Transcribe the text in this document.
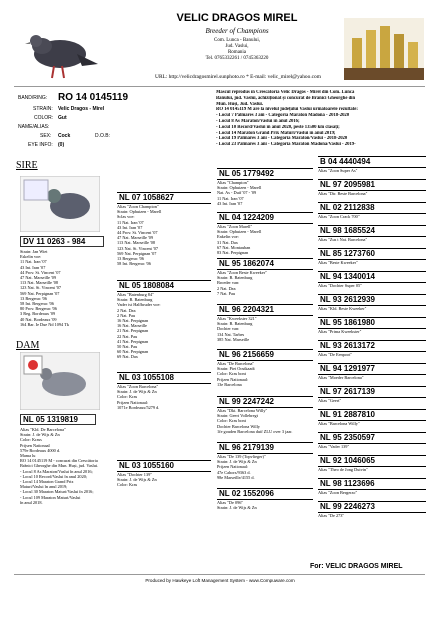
VELIC DRAGOS MIREL
Breeder of Champions
Com. Lunca - Banului,
Jud. Vaslui,
Romania
Tel. 0765332261 / 0745363220
URL: http://velicdragosmirel.sunphoto.ro * E-mail: velic_mirel@yahoo.com
BAND/RING: RO 14 0145119
STRAIN: Velic Dragos - Mirel
COLOR: Gut
NAME/ALIAS:
SEX: Cock	D.O.B:
EYE INFO: (0)
Mascul reprodus în Crescătoria Velic Dragos - Mirel din Com. Lunca
Banului, jud. Vaslui, achiziționat și concurat de Brânici Gheorghe din
Mun. Huși, Jud. Vaslui.
RO 14 0145119 M are la nivelul județului Vaslui următoarele rezultate:
- Locul 7 Palmares 3 ani - Categoria Maraton Madona - 2018-2020
- Locul 8 As Maraton/Vaslui în anul 2016;
- Locul 10 Record/Vaslui în anul 2020, peste 13500 km clasați;
- Locul 14 Maraton Grand Prix Maturi/Vaslui în anul 2019;
- Locul 19 Palmares 3 ani - Categoria Maraton/Vaslui - 2018-2020
- Locul 23 Palmares 3 ani - Categoria Maraton Madona/Vaslui - 2019-
SIRE
DV 11 0263 - 984
Strain: Jan Wiet
Eskelin voe:
11 Nat. Iran '07
43 Int. Iran '07
44 Prov. St. Vincent '07
47 Nat. Marseille '09
113 Nat. Marseille '08
123 Nat. St. Vincent '07
569 Nat. Perpignan '07
13 Bergerac '06
58 Int. Bergerac '06
80 Prov. Bergerac '06
3 Reg. Bordeaux '09
40 Nat. Bordeaux '09
164 Bar. Ie Due Nd 1094 Tk
DAM
NL 05 1319819
Alias "Kld. De Barcelona"
Strain: J. de Wijs & Zn
Color: Krass
Prijsen Nationaal
579e Bordeaux 4000 d.
Mama lu
RO 14 0145119 M - concurat din Crescătoria
Brânici Gheorghe din Mun. Huși, jud. Vaslui.
- Locul 8 As Maraton/Vaslui în anul 2016;
- Locul 10 Record/Vaslui în anul 2020;
- Locul 14 Maraton Grand Prix
Maturi/Vaslui în anul 2019;
- Locul 30 Maraton Maturi/Vaslui în 2016;
- Locul 109 Maraton Maturi/Vaslui
în anul 2018.
NL 07 1058627
Alias "Zoon Champion"
Strain: Ophuizen - Marell
Sclas voe:
11 Nat. Iran '07
43 Int. Iran '07
44 Prov. St. Vincent '07
47 Nat. Marseille '09
113 Nat. Marseille '08
123 Nat. St. Vincent '07
569 Nat. Perpignan '07
13 Bergerac '06
58 Int. Bergerac '06
NL 05 1808084
Alias "Batenburg 84"
Strain: B. Batenburg
Vader ist Halfbruder voe:
2 Nat. Dax
2 Nat. Pau
16 Nat. Perpignan
16 Nat. Marseille
21 Nat. Perpignan
22 Nat. Pau
41 Nat. Perpignan
50 Nat. Pau
60 Nat. Perpignan
69 Nat. Dax
NL 03 1055108
Alias "Zoon Barcelona"
Strain: J. de Wijs & Zn
Color: Kras
Prijzen Nationaal:
1071e Bordeaux/5279 d.
NL 03 1055160
Alias "Dochter 139"
Strain: J. de Wijs & Zn
Color: Kras
NL 05 1779492
Alias "Champion"
Strain: Ophuizen - Marell
Nat. As - Duif '07 - '09
11 Nat. Iran '07
43 Int. Iran '07
NL 04 1224209
Alias "Zoon Marell"
Strain: Ophuizen - Marell
Enkelin voe:
31 Nat. Dax
67 Nat. Montauban
83 Nat. Perpignan
NL 95 1862074
Alias "Zoon Beste Kweeker"
Strain: B. Batenburg
Broeder van:
2 Nat. Dax
7 Nat. Pau
NL 96 2204321
Alias "Kweekster 321"
Strain: B. Batenburg
Dochter van:
134 Nat. Tarbes
385 Nat. Marseille
NL 96 2156659
Alias "De Barcelona"
Strain: Piet Oostkaadt
Color: Kras bont
Prijzen Nationaal:
13e Barcelona
NL 99 2247242
Alias "Dkt. Barcelona Willy"
Strain: Geert Vollebregt
Color: Kras bont
Dochter Barcelona Willy
1fe gouden Barcelona duif ZLU over 3 jaar.
NL 96 2179139
Alias "De 139 (Topvlieger)"
Strain: J. de Wijs & Zn
Prijzen Nationaal:
47e Cahors/9363 d.
98e Marseille/4155 d.
NL 02 1552096
Alias "De 096"
Strain: J. de Wijs & Zn
B 04 4440494
Alias "Zoon Super As"
NL 97 2095981
Alias "Dtr. Beste Barcelona"
NL 02 2112838
Alias "Zoon Crack 700"
NL 98 1685524
Alias "Zus t Nat. Barcelona"
NL 85 1273760
Alias "Beste Kweeker"
NL 94 1340014
Alias "Dochter Super 05"
NL 93 2612939
Alias "Kld. Beste Kweeker"
NL 95 1861980
Alias "Prima Kweekster"
NL 93 2613172
Alias "De Eenpoot"
NL 94 1291977
Alias "Moeder Barcelona"
NL 97 2617139
Alias "Geert"
NL 91 2887810
Alias "Barcelona Willy"
NL 95 2350597
Alias "Vader 139"
NL 92 1046065
Alias "Theo de Jong Duivin"
NL 98 1123696
Alias "Zoon Bergerac"
NL 99 2246273
Alias "De 273"
For: VELIC DRAGOS MIREL
Produced by Hawkeye Loft Management System - www.Compuware.com
